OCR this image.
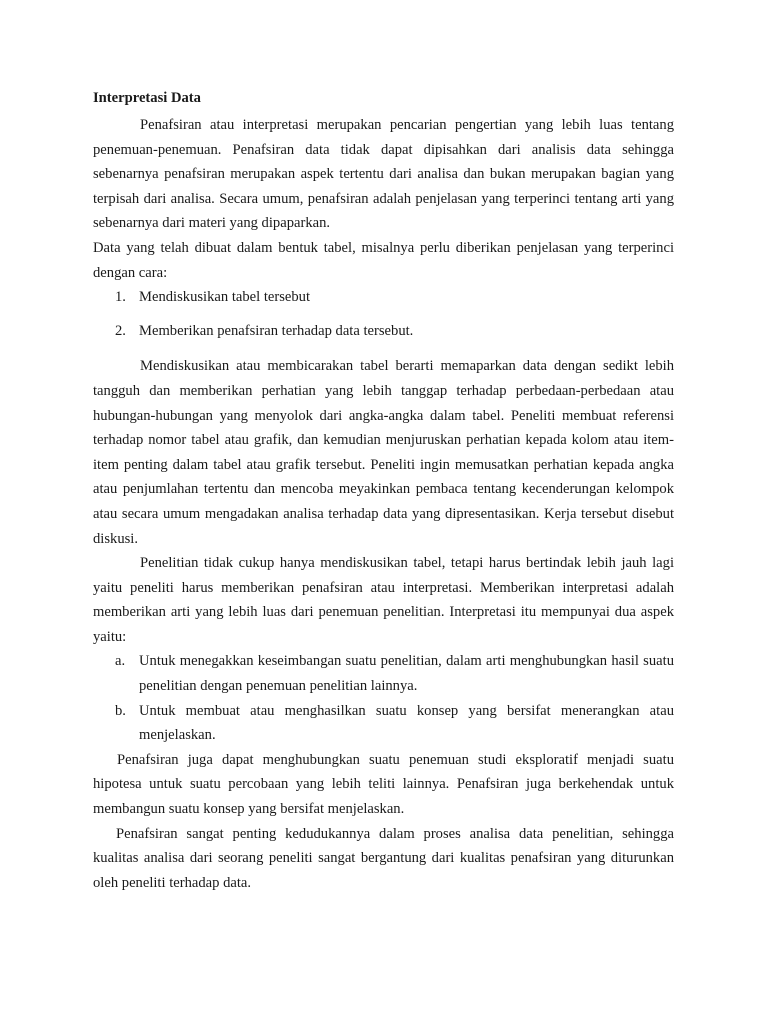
Interpretasi Data

Penafsiran atau interpretasi merupakan pencarian pengertian yang lebih luas tentang penemuan-penemuan. Penafsiran data tidak dapat dipisahkan dari analisis data sehingga sebenarnya penafsiran merupakan aspek tertentu dari analisa dan bukan merupakan bagian yang terpisah dari analisa. Secara umum, penafsiran adalah penjelasan yang terperinci tentang arti yang sebenarnya dari materi yang dipaparkan.

Data yang telah dibuat dalam bentuk tabel, misalnya perlu diberikan penjelasan yang terperinci dengan cara:

1. Mendiskusikan tabel tersebut
2. Memberikan penafsiran terhadap data tersebut.

Mendiskusikan atau membicarakan tabel berarti memaparkan data dengan sedikt lebih tangguh dan memberikan perhatian yang lebih tanggap terhadap perbedaan-perbedaan atau hubungan-hubungan yang menyolok dari angka-angka dalam tabel. Peneliti membuat referensi terhadap nomor tabel atau grafik, dan kemudian menjuruskan perhatian kepada kolom atau item-item penting dalam tabel atau grafik tersebut. Peneliti ingin memusatkan perhatian kepada angka atau penjumlahan tertentu dan mencoba meyakinkan pembaca tentang kecenderungan kelompok atau secara umum mengadakan analisa terhadap data yang dipresentasikan. Kerja tersebut disebut diskusi.

Penelitian tidak cukup hanya mendiskusikan tabel, tetapi harus bertindak lebih jauh lagi yaitu peneliti harus memberikan penafsiran atau interpretasi. Memberikan interpretasi adalah memberikan arti yang lebih luas dari penemuan penelitian. Interpretasi itu mempunyai dua aspek yaitu:

a. Untuk menegakkan keseimbangan suatu penelitian, dalam arti menghubungkan hasil suatu penelitian dengan penemuan penelitian lainnya.
b. Untuk membuat atau menghasilkan suatu konsep yang bersifat menerangkan atau menjelaskan.

Penafsiran juga dapat menghubungkan suatu penemuan studi eksploratif menjadi suatu hipotesa untuk suatu percobaan yang lebih teliti lainnya. Penafsiran juga berkehendak untuk membangun suatu konsep yang bersifat menjelaskan.

Penafsiran sangat penting kedudukannya dalam proses analisa data penelitian, sehingga kualitas analisa dari seorang peneliti sangat bergantung dari kualitas penafsiran yang diturunkan oleh peneliti terhadap data.
